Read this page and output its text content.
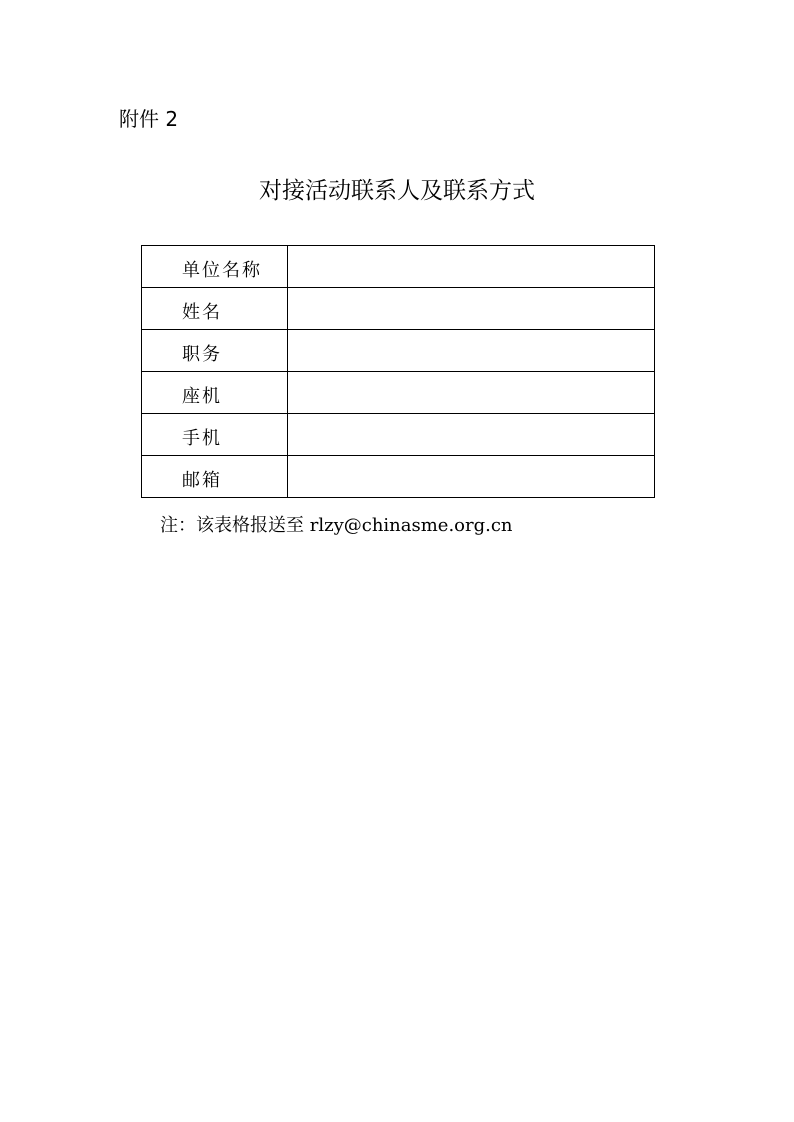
附件 2
对接活动联系人及联系方式
单位名称	
姓名	
职务	
座机	
手机	
邮箱	
注：该表格报送至 rlzy@chinasme.org.cn
